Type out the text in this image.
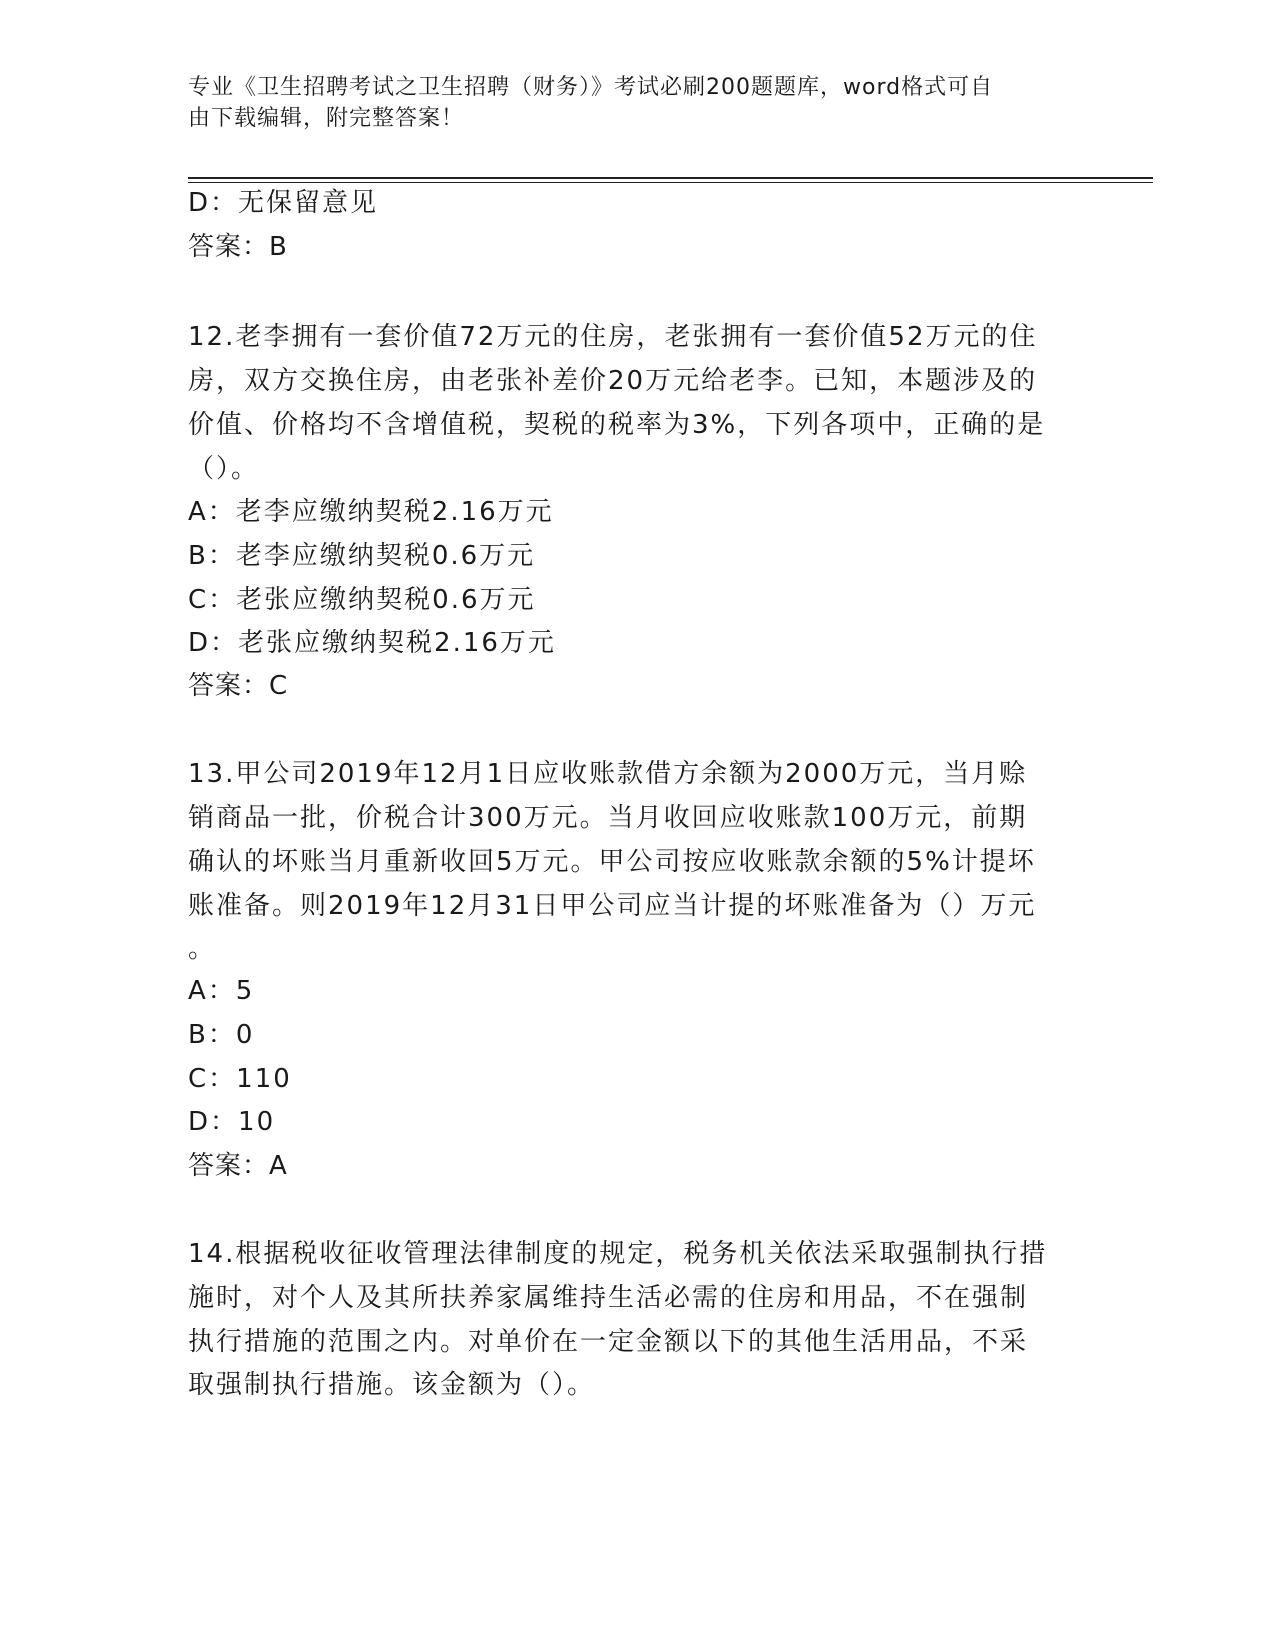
专业《卫生招聘考试之卫生招聘（财务）》考试必刷200题题库，word格式可自
由下载编辑，附完整答案！
D：无保留意见
答案：B
12.老李拥有一套价值72万元的住房，老张拥有一套价值52万元的住
房，双方交换住房，由老张补差价20万元给老李。已知，本题涉及的
价值、价格均不含增值税，契税的税率为3%，下列各项中，正确的是
（）。
A：老李应缴纳契税2.16万元
B：老李应缴纳契税0.6万元
C：老张应缴纳契税0.6万元
D：老张应缴纳契税2.16万元
答案：C
13.甲公司2019年12月1日应收账款借方余额为2000万元，当月赊
销商品一批，价税合计300万元。当月收回应收账款100万元，前期
确认的坏账当月重新收回5万元。甲公司按应收账款余额的5%计提坏
账准备。则2019年12月31日甲公司应当计提的坏账准备为（）万元
。
A：5
B：0
C：110
D：10
答案：A
14.根据税收征收管理法律制度的规定，税务机关依法采取强制执行措
施时，对个人及其所扶养家属维持生活必需的住房和用品，不在强制
执行措施的范围之内。对单价在一定金额以下的其他生活用品，不采
取强制执行措施。该金额为（）。
